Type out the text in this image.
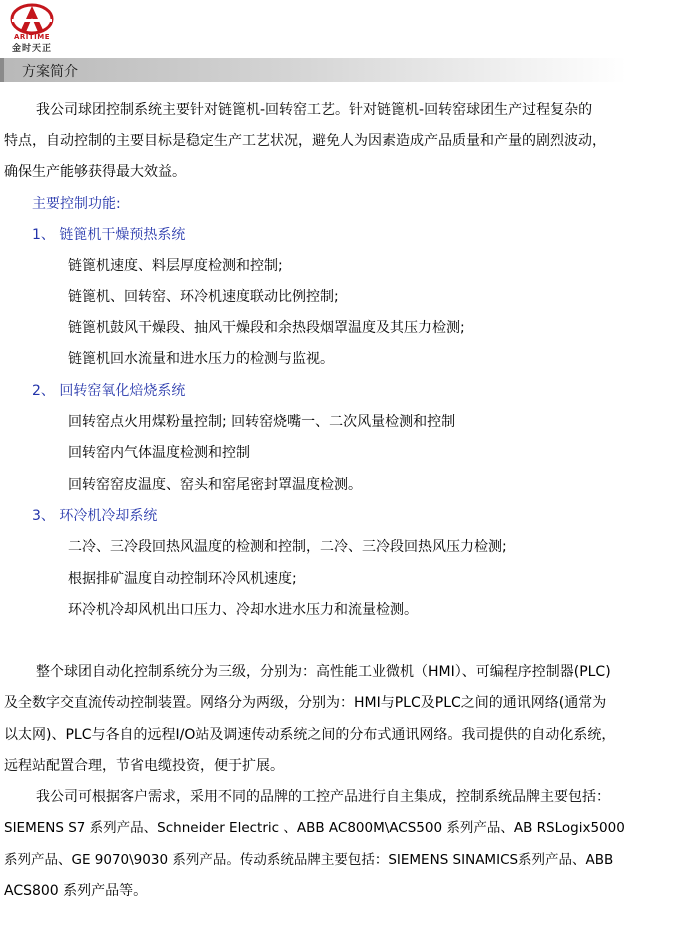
ARITIME
金时天正
方案简介
我公司球团控制系统主要针对链篦机-回转窑工艺。针对链篦机-回转窑球团生产过程复杂的
特点，自动控制的主要目标是稳定生产工艺状况，避免人为因素造成产品质量和产量的剧烈波动，
确保生产能够获得最大效益。
主要控制功能:
1、 链篦机干燥预热系统
链篦机速度、料层厚度检测和控制;
链篦机、回转窑、环冷机速度联动比例控制;
链篦机鼓风干燥段、抽风干燥段和余热段烟罩温度及其压力检测;
链篦机回水流量和进水压力的检测与监视。
2、 回转窑氧化焙烧系统
回转窑点火用煤粉量控制; 回转窑烧嘴一、二次风量检测和控制
回转窑内气体温度检测和控制
回转窑窑皮温度、窑头和窑尾密封罩温度检测。
3、 环冷机冷却系统
二冷、三冷段回热风温度的检测和控制，二冷、三冷段回热风压力检测;
根据排矿温度自动控制环冷风机速度;
环冷机冷却风机出口压力、冷却水进水压力和流量检测。
整个球团自动化控制系统分为三级，分别为：高性能工业微机（HMI）、可编程序控制器(PLC)
及全数字交直流传动控制装置。网络分为两级，分别为：HMI与PLC及PLC之间的通讯网络(通常为
以太网)、PLC与各自的远程I/O站及调速传动系统之间的分布式通讯网络。我司提供的自动化系统，
远程站配置合理，节省电缆投资，便于扩展。
我公司可根据客户需求，采用不同的品牌的工控产品进行自主集成，控制系统品牌主要包括：
SIEMENS S7 系列产品、Schneider Electric 、ABB AC800M\ACS500 系列产品、AB RSLogix5000
系列产品、GE 9070\9030 系列产品。传动系统品牌主要包括：SIEMENS SINAMICS系列产品、ABB
ACS800 系列产品等。
